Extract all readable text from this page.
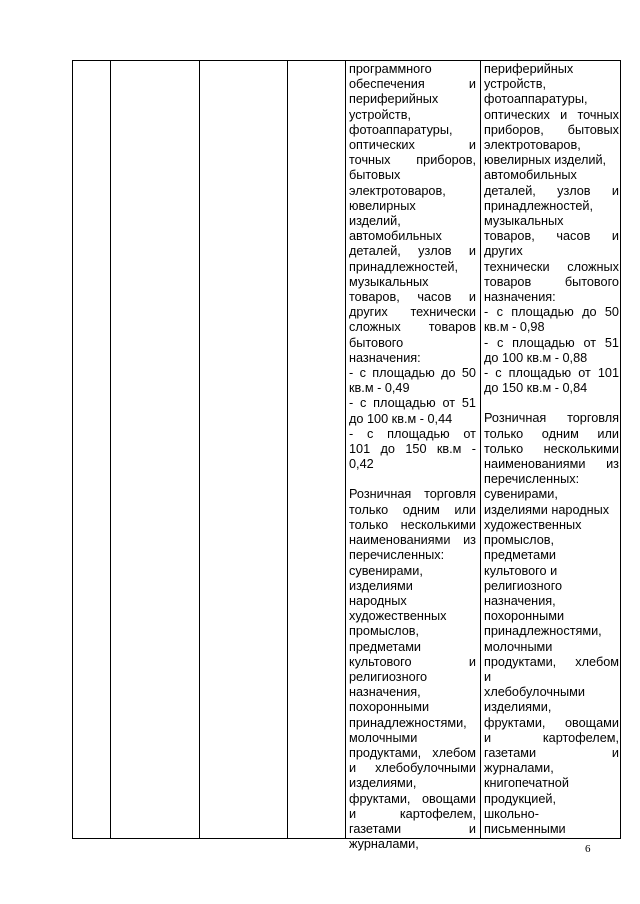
программного
обеспечения и
периферийных
устройств,
фотоаппаратуры,
оптических и
точных приборов,
бытовых
электротоваров,
ювелирных
изделий,
автомобильных
деталей, узлов и
принадлежностей,
музыкальных
товаров, часов и
других технически
сложных товаров
бытового
назначения:
- с площадью до 50
кв.м - 0,49
- с площадью от 51
до 100 кв.м - 0,44
- с площадью от
101 до 150 кв.м -
0,42
Розничная торговля
только одним или
только несколькими
наименованиями из
перечисленных:
сувенирами,
изделиями
народных
художественных
промыслов,
предметами
культового и
религиозного
назначения,
похоронными
принадлежностями,
молочными
продуктами, хлебом
и хлебобулочными
изделиями,
фруктами, овощами
и картофелем,
газетами и
журналами,
периферийных
устройств,
фотоаппаратуры,
оптических и точных
приборов, бытовых
электротоваров,
ювелирных изделий,
автомобильных
деталей, узлов и
принадлежностей,
музыкальных
товаров, часов и
других
технически сложных
товаров бытового
назначения:
- с площадью до 50
кв.м - 0,98
- с площадью от 51
до 100 кв.м - 0,88
- с площадью от 101
до 150 кв.м - 0,84
Розничная торговля
только одним или
только несколькими
наименованиями из
перечисленных:
сувенирами,
изделиями народных
художественных
промыслов,
предметами
культового и
религиозного
назначения,
похоронными
принадлежностями,
молочными
продуктами, хлебом
и
хлебобулочными
изделиями,
фруктами, овощами
и картофелем,
газетами и
журналами,
книгопечатной
продукцией,
школьно-
письменными
6
